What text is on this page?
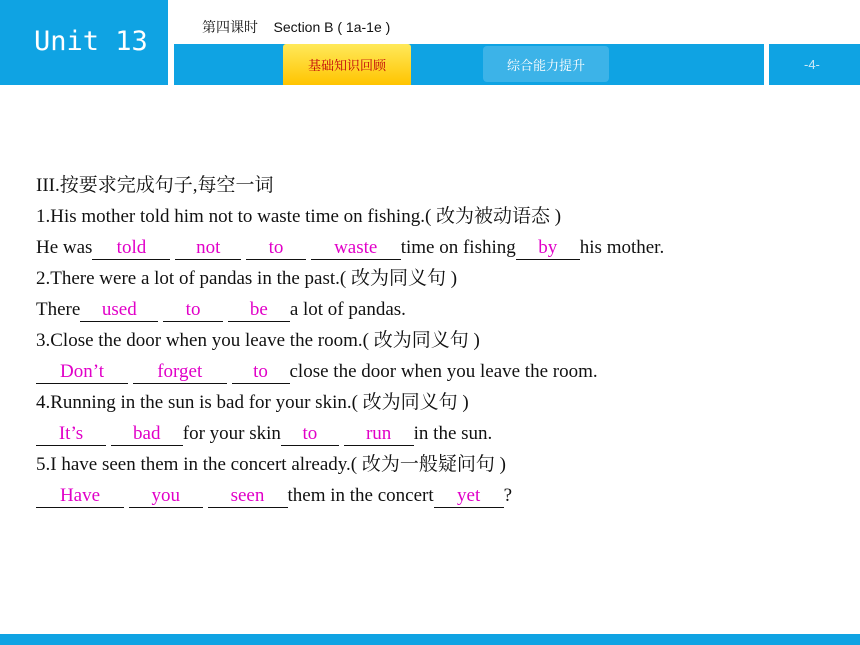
Unit 13	第四课时    Section B ( 1a-1e )
基础知识回顾	综合能力提升	-4-
III.按要求完成句子,每空一词
1.His mother told him not to waste time on fishing.( 改为被动语态 )
He was told	not	to	waste time on fishing by his mother.
2.There were a lot of pandas in the past.( 改为同义句 )
There used	to	be a lot of pandas.
3.Close the door when you leave the room.( 改为同义句 )
Don’t	forget	to close the door when you leave the room.
4.Running in the sun is bad for your skin.( 改为同义句 )
It’s	bad for your skin to	run in the sun.
5.I have seen them in the concert already.( 改为一般疑问句 )
Have	you	seen them in the concert yet ?
